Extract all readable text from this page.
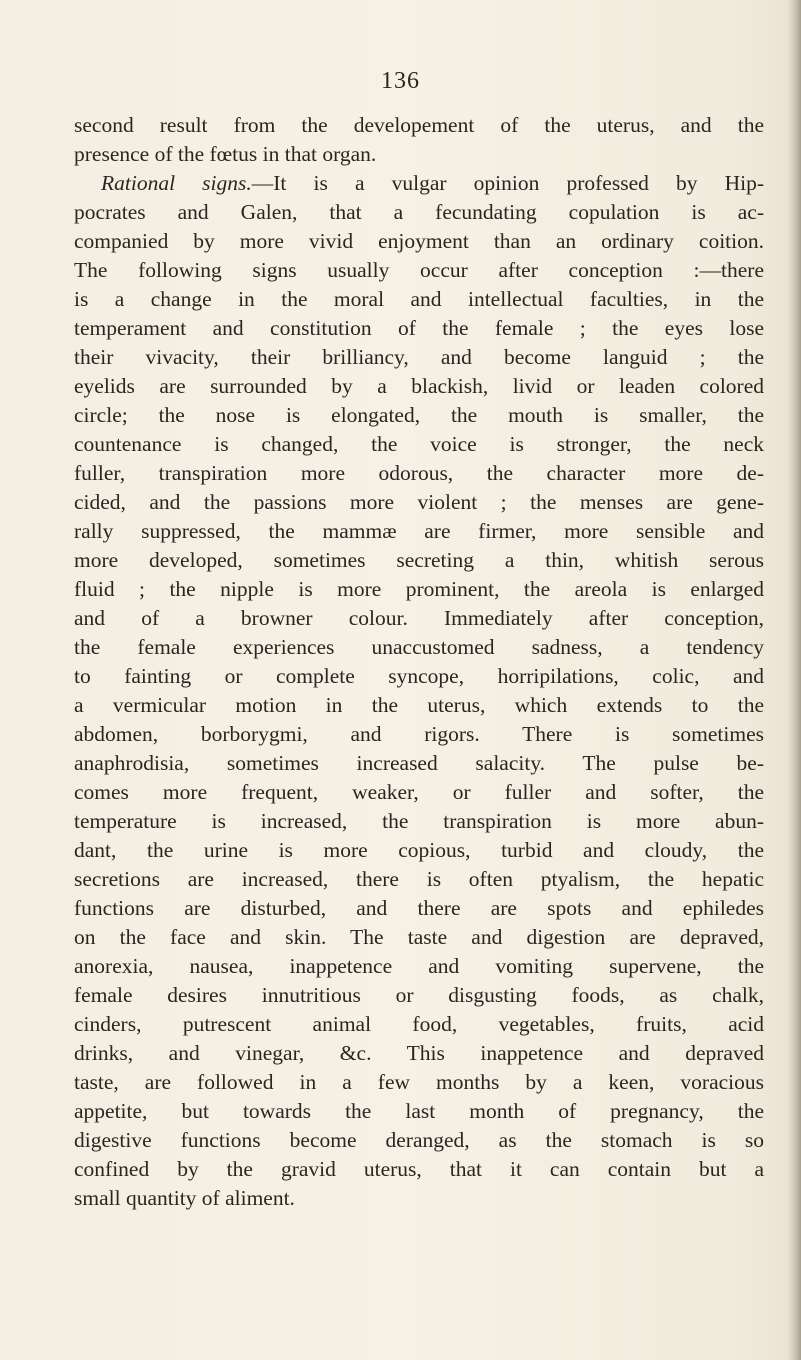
136
second result from the developement of the uterus, and the
presence of the fœtus in that organ.
Rational signs.—It is a vulgar opinion professed by Hip-
pocrates and Galen, that a fecundating copulation is ac-
companied by more vivid enjoyment than an ordinary coition.
The following signs usually occur after conception :—there
is a change in the moral and intellectual faculties, in the
temperament and constitution of the female ; the eyes lose
their vivacity, their brilliancy, and become languid ; the
eyelids are surrounded by a blackish, livid or leaden colored
circle; the nose is elongated, the mouth is smaller, the
countenance is changed, the voice is stronger, the neck
fuller, transpiration more odorous, the character more de-
cided, and the passions more violent ; the menses are gene-
rally suppressed, the mammæ are firmer, more sensible and
more developed, sometimes secreting a thin, whitish serous
fluid ; the nipple is more prominent, the areola is enlarged
and of a browner colour. Immediately after conception,
the female experiences unaccustomed sadness, a tendency
to fainting or complete syncope, horripilations, colic, and
a vermicular motion in the uterus, which extends to the
abdomen, borborygmi, and rigors. There is sometimes
anaphrodisia, sometimes increased salacity. The pulse be-
comes more frequent, weaker, or fuller and softer, the
temperature is increased, the transpiration is more abun-
dant, the urine is more copious, turbid and cloudy, the
secretions are increased, there is often ptyalism, the hepatic
functions are disturbed, and there are spots and ephiledes
on the face and skin. The taste and digestion are depraved,
anorexia, nausea, inappetence and vomiting supervene, the
female desires innutritious or disgusting foods, as chalk,
cinders, putrescent animal food, vegetables, fruits, acid
drinks, and vinegar, &c. This inappetence and depraved
taste, are followed in a few months by a keen, voracious
appetite, but towards the last month of pregnancy, the
digestive functions become deranged, as the stomach is so
confined by the gravid uterus, that it can contain but a
small quantity of aliment.
